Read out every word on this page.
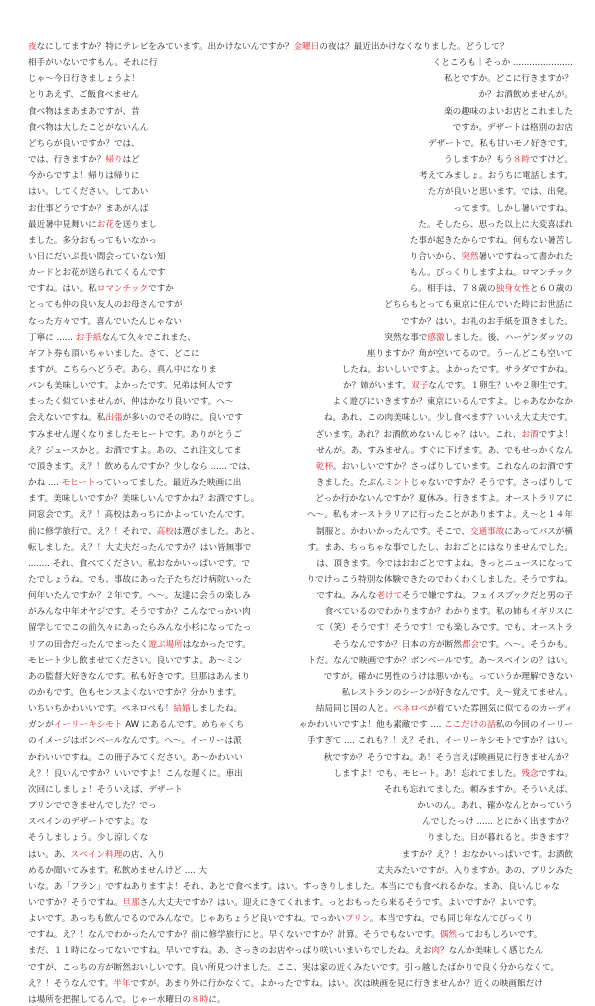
夜なにしてますか？特にテレビをみています。出かけないんですか？金曜日の夜は？最近出かけなくなりました。どうして？
相手がいないですもん。それに行	くところも｜そっか ......................
じゃ〜今日行きましょうよ！	私とですか。どこに行きますか？
とりあえず、ご飯食べません	か？お酒飲めませんが。
食べ物はまあまあですが、昔	楽の趣味のよいお店とこれました
食べ物は大したことがないんん	ですか。デザートは格別のお店
どちらが良いですか？では、	デザートで。私も甘いモノ好きです。
では、行きますか？帰りはど	うしますか？もう８時ですけど。
今からですよ！帰りは帰りに	考えてみましょ。おうちに電話します。
はい。してください。してあい	た方が良いと思います。では、出発。
お仕事どうですか？まあがんば	ってます。しかし暑いですね。
最近暑中見舞いにお花を送りまし	た。そしたら、思った以上に大変喜ばれ
ました。多分おもってもいなかっ	た事が起きたからですね。何もない暑苦し
い日にだいぶ長い間会っていない知	り合いから、突然暑いですねって書かれた
カードとお花が送られてくるんです	もん。びっくりしますよね。ロマンチック
ですね。はい。私ロマンチックですか	ら。相手は、７８歳の独身女性と６０歳の
とっても仲の良い友人のお母さんですが	どちらもとっても東京に住んでいた時にお世話に
なった方々です。喜んでいたんじゃない	ですか？はい。お礼のお手紙を頂きました。
丁寧に ...... お手紙なんて久々でこれまた、	突然な事で感激しました。後、ハーゲンダッツの
ギフト券も頂いちゃいました。さて、どこに	座りますか？角が空いてるので。うーんどこも空いて
ますが。こちらへどうぞ。あら、真ん中になりま	したね。おいしいですよ。よかったです。サラダですかね。
パンも美味しいです。よかったです。兄弟は何人です	か？姉がいます。双子なんです。１卵生？いや２卵生です。
まったく似ていませんが、仲はかなり良いです。へ〜	よく遊びにいきますか？東京にいるんですよ。じゃあなかなか
会えないですね。私出張が多いのでその時に。良いです	ね。あれ、この肉美味しい。少し食べます？いいえ大丈夫です。
すみません遅くなりましたモヒートです。ありがとうご	ざいます。あれ？お酒飲めないんじゃ？はい。これ、お酒ですよ！
え？ジュースかと。お酒ですよ。あの、これ注文してま	せんが。あ、すみません。すぐに下げます。あ、でもせっかくなん
で頂きます。え？！飲めるんですか？少しなら ...... では、	乾杯。おいしいですか？さっぱりしています。これなんのお酒です
かね .... モヒートっていってました。最近みた映画に出	きました。たぶんミントじゃないですか？そうです。さっぱりして
ます。美味しいですか？美味しいんですかね？お酒ですし。	どっか行かないんですか？夏休み。行きますよ。オーストラリアに
同窓会です。え？！高校はあっちにかよっていたんです。	へ〜。私もオーストラリアに行ったことがありますよ。え〜と１４年
前に修学旅行で。え？！それで、高校は選びました。あと、	制服と。かわいかったんです。そこで、交通事故にあってバスが横
転しました。え？！大丈夫だったんですか？はい皆無事で	す。まあ、ちっちゃな事でしたし、おおごとにはなりませんでした。
........ それ、食べてください。私おなかいっぱいです。で	は、頂きます。今ではおおごとですよね。きっとニュースになって
たでしょうね。でも、事故にあった子たちだけ病院いった	りでけっこう特別な体験できたのでわくわくしました。そうですね。
何年いたんですか？２年です。へ〜。友達に会うの楽しみ	ですね。みんな老けてそうで嫌ですね。フェイスブックだと男の子
がみんな中年オヤジです。そうですか？こんなでっかい肉	食べているのでわかりますか？わかります。私の姉もイギリスに
留学してでこの前久々にあったらみんな小杉になってたっ	て（笑）そうです！そうです！でも楽しみです。でも、オーストラ
リアの田舎だったんでまったく遊ぶ場所はなかったです。	そうなんですか？日本の方が断然都会です。へ〜。そうかも。
モヒート少し飲ませてください。良いですよ。あ〜ミン	トだ。なんで映画ですか？ボンベールです。あ〜スペインの？はい。
あの監督大好きなんです。私も好きです。旦那はあんまり	ですが。確かに男性のうけは悪いかも。っていうか理解できない
のかもです。色もセンスよくないですか？分かります。	私レストランのシーンが好きなんです。え〜覚えてません。
いちいちかわいいです。ペネロペも！結婚しましたね。	結局同じ国の人と。ペネロペが着ていた雰囲気に似てるのカーディ
ガンがイーリーキシモト AW にあるんです。めちゃくち	ゃかわいいですよ！他も素敵です .... ここだけの話私の今回のイーリー
のイメージはボンベールなんです。へ〜。イーリーは派	手すぎて .... これも？！え？それ、イーリーキシモトですか？はい。
かわいいですね。この冊子みてください。あ〜かわいい	秋ですか？そうですね。あ！そう言えば映画見に行きませんか？
え？！良いんですか？いいですよ！こんな遅くに。車出	しますよ！でも、モヒート。あ！忘れてました。残念ですね。
次回にしましょ！そういえば、デザート	それも忘れてました。頼みますか。そういえば、
プリンでできませんでした？でっ	かいのん。あれ、確かなんとかっていう
スペインのデザートですよ。な	んでしたっけ ...... とにかく出ますか？
そうしましょう。少し涼しくな	りました。日が暮れると。歩きます？
はい。あ、スペイン料理の店、入り	ますか？え？！おなかいっぱいです。お酒飲
めるか聞いてみます。私飲めませんけど .... 大	丈夫みたいですが。入りますか。あの、プリンみた
いな。あ「フラン」ですねありますよ！それ、あとで食べます。はい。すっきりしました。本当にでも食べれるかな。まあ、良いんじゃな
いですか？そうですね。旦那さん大丈夫ですか？はい。迎えにきてくれます。っとおもったら来るそうです。よいですか？よいです。
よいです。あっちも飲んでるのでみんなで。じゃあちょうど良いですね。でっかいプリン。本当ですね。でも同じ年なんてびっくり
ですね。え？！なんでわかったんですか？前に修学旅行にと。早くないですか？計算。そうでもないです。偶然っておもしろいです。
まだ、１１時になってないですね。早いですね。あ、さっきのお店やっぱり咲いいまいちでしたね。えお肉？なんか美味しく感じたん
ですが、こっちの方が断然おいしいです。良い所見つけました。ここ、実は家の近くみたいです。引っ越したばかりで良く分からなくて。
え？！そうなんです。半年ですが。あまり外に行かなくて。よかったですね。はい。次は映画を見に行きませんか？近くの映画館だけ
は場所を把握してるんで。じゃー水曜日の８時に。
